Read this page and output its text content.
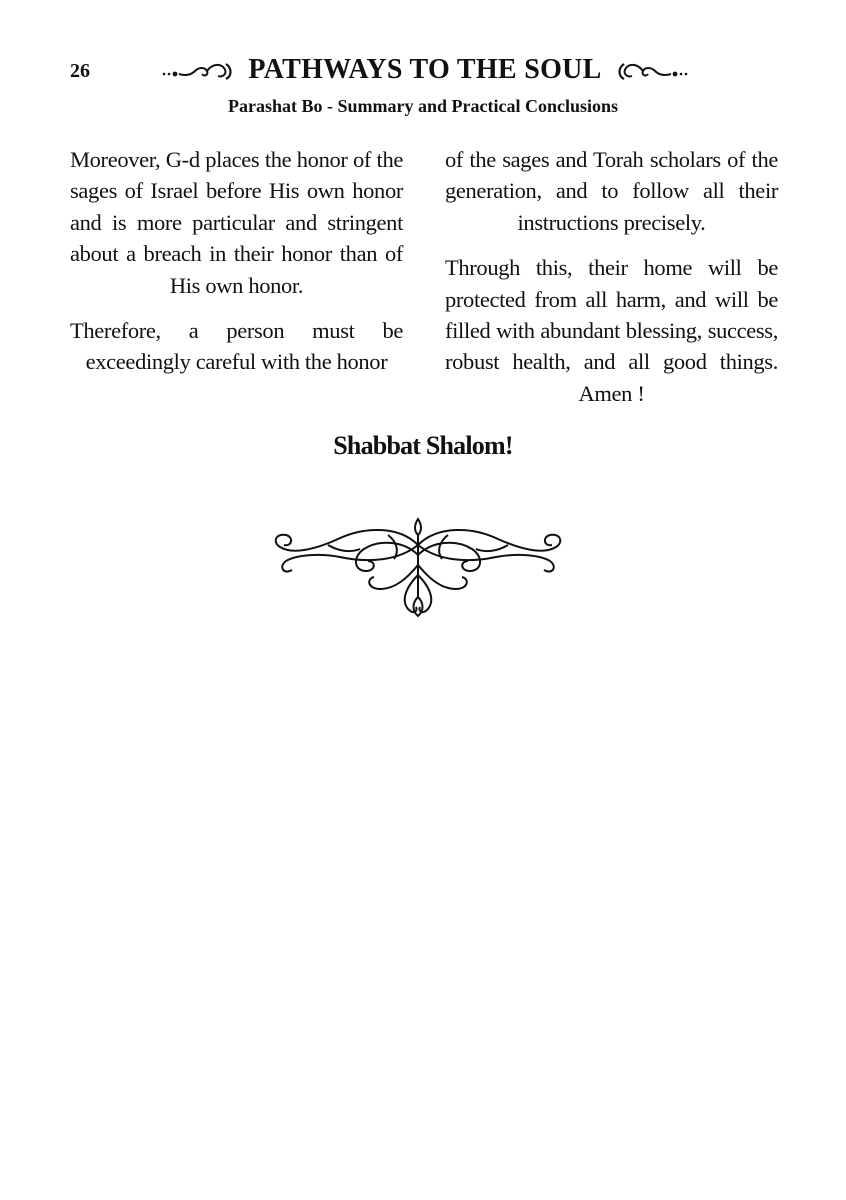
26	PATHWAYS TO THE SOUL
Parashat Bo - Summary and Practical Conclusions

Moreover, G-d places the honor of the sages of Israel before His own honor and is more particular and stringent about a breach in their honor than of His own honor.

Therefore, a person must be exceedingly careful with the honor

of the sages and Torah scholars of the generation, and to follow all their instructions precisely.

Through this, their home will be protected from all harm, and will be filled with abundant blessing, success, robust health, and all good things. Amen !

Shabbat Shalom!
